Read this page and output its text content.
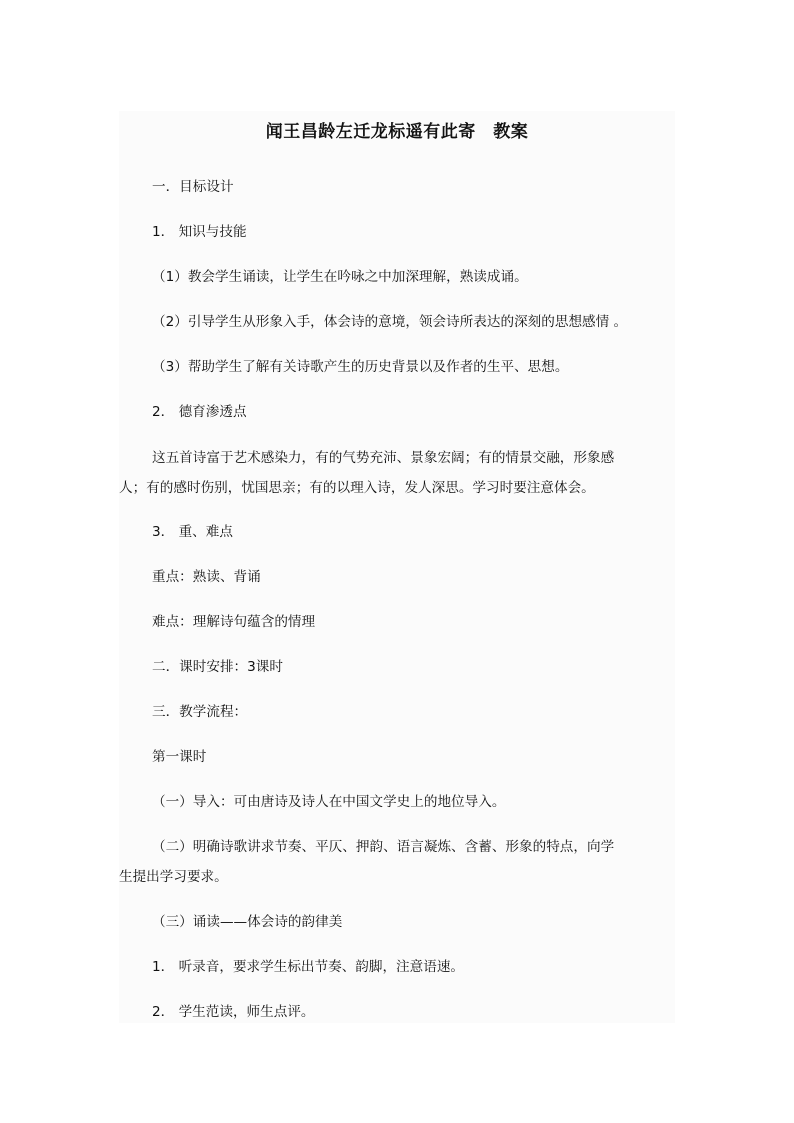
闻王昌龄左迁龙标遥有此寄　教案
一．目标设计
1． 知识与技能
（1）教会学生诵读，让学生在吟咏之中加深理解，熟读成诵。
（2）引导学生从形象入手，体会诗的意境，领会诗所表达的深刻的思想感情 。
（3）帮助学生了解有关诗歌产生的历史背景以及作者的生平、思想。
2． 德育渗透点
这五首诗富于艺术感染力，有的气势充沛、景象宏阔；有的情景交融，形象感
人；有的感时伤别，忧国思亲；有的以理入诗，发人深思。学习时要注意体会。
3． 重、难点
重点：熟读、背诵
难点：理解诗句蕴含的情理
二．课时安排：3课时
三．教学流程：
第一课时
（一）导入：可由唐诗及诗人在中国文学史上的地位导入。
（二）明确诗歌讲求节奏、平仄、押韵、语言凝炼、含蓄、形象的特点，向学
生提出学习要求。
（三）诵读——体会诗的韵律美
1． 听录音，要求学生标出节奏、韵脚，注意语速。
2． 学生范读，师生点评。
